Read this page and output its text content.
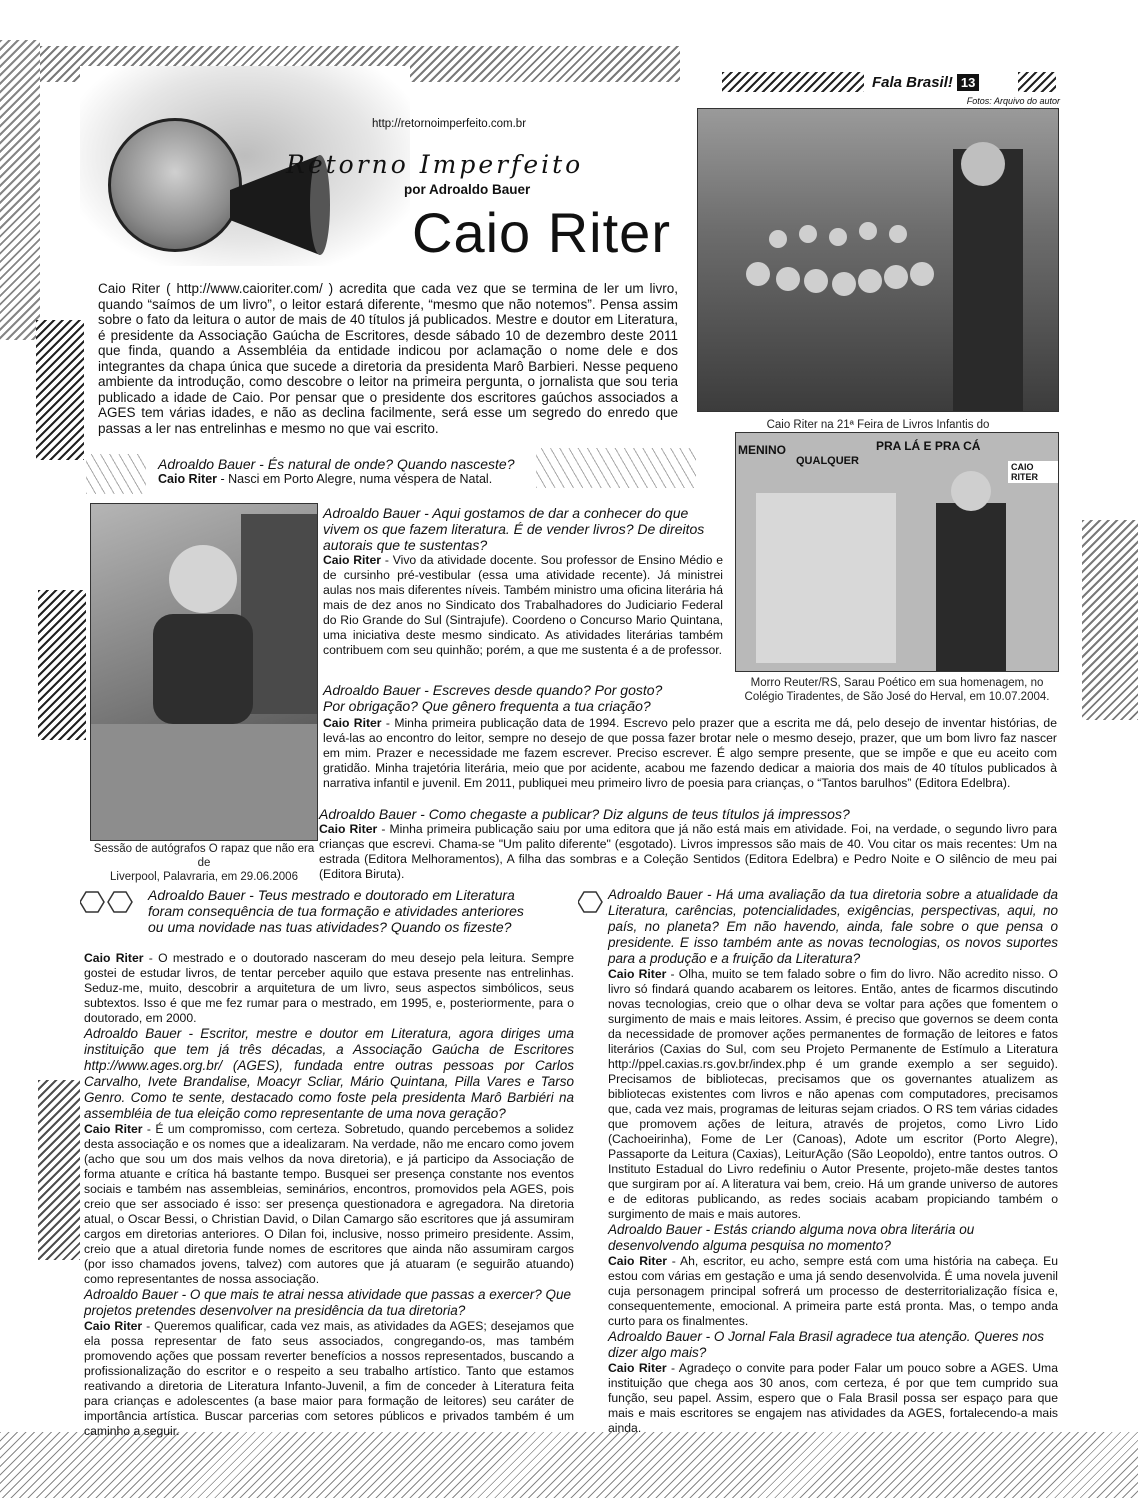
Fala Brasil! 13
Fotos: Arquivo do autor
http://retornoimperfeito.com.br
Retorno Imperfeito
por Adroaldo Bauer
Caio Riter
Caio Riter na 21ª Feira de Livros Infantis do
Caio Riter ( http://www.caioriter.com/ ) acredita que cada vez que se termina de ler um livro, quando “saímos de um livro”, o leitor estará diferente, “mesmo que não notemos”. Pensa assim sobre o fato da leitura o autor de mais de 40 títulos já publicados. Mestre e doutor em Literatura, é presidente da Associação Gaúcha de Escritores, desde sábado 10 de dezembro deste 2011 que finda, quando a Assembléia da entidade indicou por aclamação o nome dele e dos integrantes da chapa única que sucede a diretoria da presidenta Marô Barbieri. Nesse pequeno ambiente da introdução, como descobre o leitor na primeira pergunta, o jornalista que sou teria publicado a idade de Caio. Por pensar que o presidente dos escritores gaúchos associados a AGES tem várias idades, e não as declina facilmente, será esse um segredo do enredo que passas a ler nas entrelinhas e mesmo no que vai escrito.

Adroaldo Bauer - És natural de onde? Quando nasceste?

Caio Riter - Nasci em Porto Alegre, numa véspera de Natal.

Sessão de autógrafos O rapaz que não era de
Liverpool, Palavraria, em 29.06.2006
MENINO
QUALQUER
PRA LÁ E PRA CÁ
CAIO RITER
Morro Reuter/RS, Sarau Poético em sua homenagem, no
Colégio Tiradentes, de São José do Herval, em 10.07.2004.

Adroaldo Bauer - Aqui gostamos de dar a conhecer do que vivem os que fazem literatura. É de vender livros? De direitos autorais que te sustentas?

Caio Riter - Vivo da atividade docente. Sou professor de Ensino Médio e de cursinho pré-vestibular (essa uma atividade recente). Já ministrei aulas nos mais diferentes níveis. Também ministro uma oficina literária há mais de dez anos no Sindicato dos Trabalhadores do Judiciario Federal do Rio Grande do Sul (Sintrajufe). Coordeno o Concurso Mario Quintana, uma iniciativa deste mesmo sindicato. As atividades literárias também contribuem com seu quinhão; porém, a que me sustenta é a de professor.

Adroaldo Bauer - Escreves desde quando? Por gosto? Por obrigação? Que gênero frequenta a tua criação?

Caio Riter - Minha primeira publicação data de 1994. Escrevo pelo prazer que a escrita me dá, pelo desejo de inventar histórias, de levá-las ao encontro do leitor, sempre no desejo de que possa fazer brotar nele o mesmo desejo, prazer, que um bom livro faz nascer em mim. Prazer e necessidade me fazem escrever. Preciso escrever. É algo sempre presente, que se impõe e que eu aceito com gratidão. Minha trajetória literária, meio que por acidente, acabou me fazendo dedicar a maioria dos mais de 40 títulos publicados à narrativa infantil e juvenil. Em 2011, publiquei meu primeiro livro de poesia para crianças, o “Tantos barulhos” (Editora Edelbra).

Adroaldo Bauer - Como chegaste a publicar? Diz alguns de teus títulos já impressos?

Caio Riter - Minha primeira publicação saiu por uma editora que já não está mais em atividade. Foi, na verdade, o segundo livro para crianças que escrevi. Chama-se "Um palito diferente" (esgotado). Livros impressos são mais de 40. Vou citar os mais recentes: Um na estrada (Editora Melhoramentos), A filha das sombras e a Coleção Sentidos (Editora Edelbra) e Pedro Noite e O silêncio de meu pai (Editora Biruta).

Adroaldo Bauer - Teus mestrado e doutorado em Literatura foram consequência de tua formação e atividades anteriores ou uma novidade nas tuas atividades? Quando os fizeste?

Caio Riter - O mestrado e o doutorado nasceram do meu desejo pela leitura. Sempre gostei de estudar livros, de tentar perceber aquilo que estava presente nas entrelinhas. Seduz-me, muito, descobrir a arquitetura de um livro, seus aspectos simbólicos, seus subtextos. Isso é que me fez rumar para o mestrado, em 1995, e, posteriormente, para o doutorado, em 2000.

Adroaldo Bauer - Escritor, mestre e doutor em Literatura, agora diriges uma instituição que tem já três décadas, a Associação Gaúcha de Escritores http://www.ages.org.br/ (AGES), fundada entre outras pessoas por Carlos Carvalho, Ivete Brandalise, Moacyr Scliar, Mário Quintana, Pilla Vares e Tarso Genro. Como te sente, destacado como foste pela presidenta Marô Barbiéri na assembléia de tua eleição como representante de uma nova geração?

Caio Riter - É um compromisso, com certeza. Sobretudo, quando percebemos a solidez desta associação e os nomes que a idealizaram. Na verdade, não me encaro como jovem (acho que sou um dos mais velhos da nova diretoria), e já participo da Associação de forma atuante e crítica há bastante tempo. Busquei ser presença constante nos eventos sociais e também nas assembleias, seminários, encontros, promovidos pela AGES, pois creio que ser associado é isso: ser presença questionadora e agregadora. Na diretoria atual, o Oscar Bessi, o Christian David, o Dilan Camargo são escritores que já assumiram cargos em diretorias anteriores. O Dilan foi, inclusive, nosso primeiro presidente. Assim, creio que a atual diretoria funde nomes de escritores que ainda não assumiram cargos (por isso chamados jovens, talvez) com autores que já atuaram (e seguirão atuando) como representantes de nossa associação.

Adroaldo Bauer - O que mais te atrai nessa atividade que passas a exercer? Que projetos pretendes desenvolver na presidência da tua diretoria?

Caio Riter - Queremos qualificar, cada vez mais, as atividades da AGES; desejamos que ela possa representar de fato seus associados, congregando-os, mas também promovendo ações que possam reverter benefícios a nossos representados, buscando a profissionalização do escritor e o respeito a seu trabalho artístico. Tanto que estamos reativando a diretoria de Literatura Infanto-Juvenil, a fim de conceder à Literatura feita para crianças e adolescentes (a base maior para formação de leitores) seu caráter de importância artística. Buscar parcerias com setores públicos e privados também é um caminho a seguir.

Adroaldo Bauer - Há uma avaliação da tua diretoria sobre a atualidade da Literatura, carências, potencialidades, exigências, perspectivas, aqui, no país, no planeta? Em não havendo, ainda, fale sobre o que pensa o presidente. E isso também ante as novas tecnologias, os novos suportes para a produção e a fruição da Literatura?

Caio Riter - Olha, muito se tem falado sobre o fim do livro. Não acredito nisso. O livro só findará quando acabarem os leitores. Então, antes de ficarmos discutindo novas tecnologias, creio que o olhar deva se voltar para ações que fomentem o surgimento de mais e mais leitores. Assim, é preciso que governos se deem conta da necessidade de promover ações permanentes de formação de leitores e fatos literários (Caxias do Sul, com seu Projeto Permanente de Estímulo a Literatura http://ppel.caxias.rs.gov.br/index.php é um grande exemplo a ser seguido). Precisamos de bibliotecas, precisamos que os governantes atualizem as bibliotecas existentes com livros e não apenas com computadores, precisamos que, cada vez mais, programas de leituras sejam criados. O RS tem várias cidades que promovem ações de leitura, através de projetos, como Livro Lido (Cachoeirinha), Fome de Ler (Canoas), Adote um escritor (Porto Alegre), Passaporte da Leitura (Caxias), LeiturAção (São Leopoldo), entre tantos outros. O Instituto Estadual do Livro redefiniu o Autor Presente, projeto-mãe destes tantos que surgiram por aí. A literatura vai bem, creio. Há um grande universo de autores e de editoras publicando, as redes sociais acabam propiciando também o surgimento de mais e mais autores.

Adroaldo Bauer - Estás criando alguma nova obra literária ou desenvolvendo alguma pesquisa no momento?

Caio Riter - Ah, escritor, eu acho, sempre está com uma história na cabeça. Eu estou com várias em gestação e uma já sendo desenvolvida. É uma novela juvenil cuja personagem principal sofrerá um processo de desterritorialização física e, consequentemente, emocional. A primeira parte está pronta. Mas, o tempo anda curto para os finalmentes.

Adroaldo Bauer - O Jornal Fala Brasil agradece tua atenção. Queres nos dizer algo mais?

Caio Riter - Agradeço o convite para poder Falar um pouco sobre a AGES. Uma instituição que chega aos 30 anos, com certeza, é por que tem cumprido sua função, seu papel. Assim, espero que o Fala Brasil possa ser espaço para que mais e mais escritores se engajem nas atividades da AGES, fortalecendo-a mais ainda.
